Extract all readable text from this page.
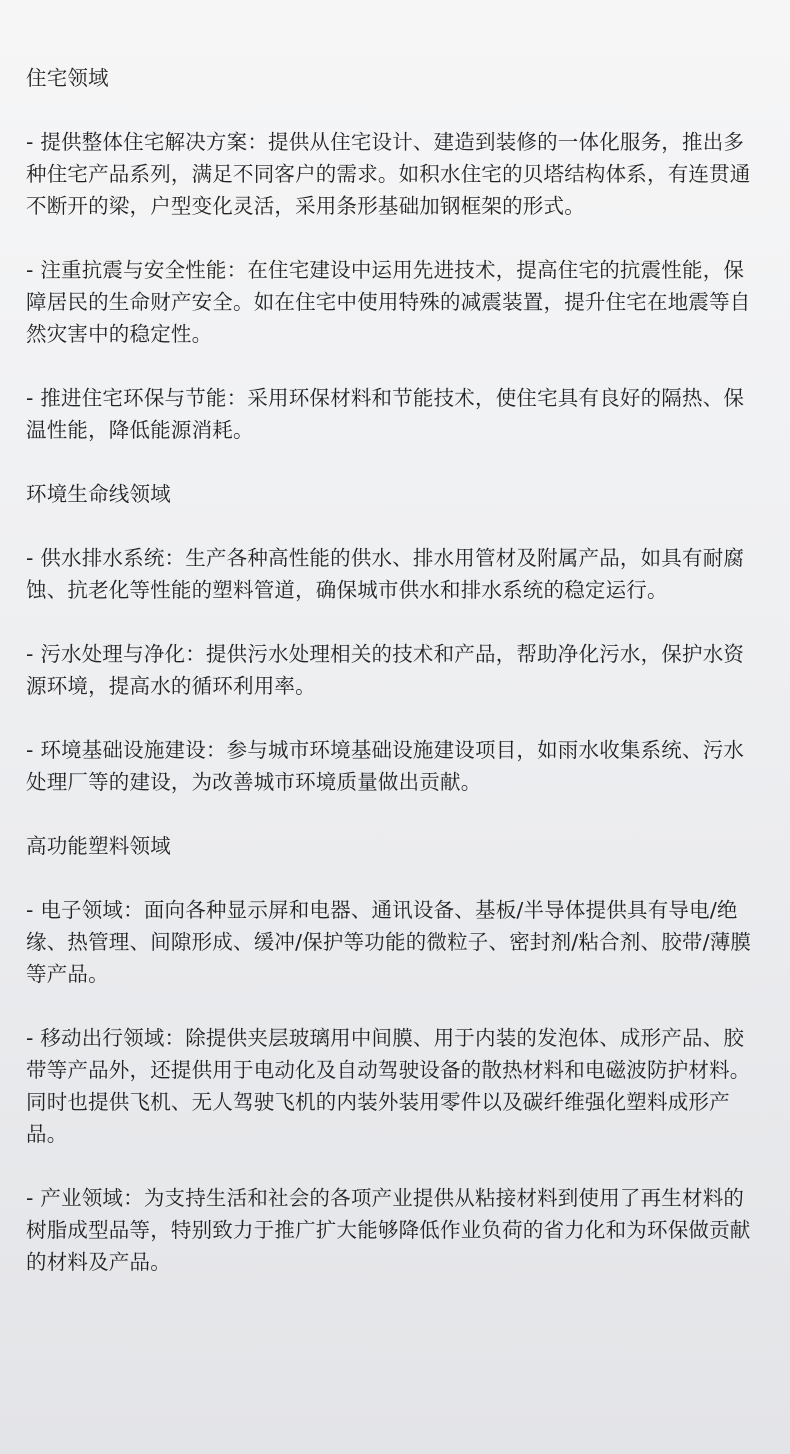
住宅领域

- 提供整体住宅解决方案：提供从住宅设计、建造到装修的一体化服务，推出多种住宅产品系列，满足不同客户的需求。如积水住宅的贝塔结构体系，有连贯通不断开的梁，户型变化灵活，采用条形基础加钢框架的形式。

- 注重抗震与安全性能：在住宅建设中运用先进技术，提高住宅的抗震性能，保障居民的生命财产安全。如在住宅中使用特殊的减震装置，提升住宅在地震等自然灾害中的稳定性。

- 推进住宅环保与节能：采用环保材料和节能技术，使住宅具有良好的隔热、保温性能，降低能源消耗。

环境生命线领域

- 供水排水系统：生产各种高性能的供水、排水用管材及附属产品，如具有耐腐蚀、抗老化等性能的塑料管道，确保城市供水和排水系统的稳定运行。

- 污水处理与净化：提供污水处理相关的技术和产品，帮助净化污水，保护水资源环境，提高水的循环利用率。

- 环境基础设施建设：参与城市环境基础设施建设项目，如雨水收集系统、污水处理厂等的建设，为改善城市环境质量做出贡献。

高功能塑料领域

- 电子领域：面向各种显示屏和电器、通讯设备、基板/半导体提供具有导电/绝缘、热管理、间隙形成、缓冲/保护等功能的微粒子、密封剂/粘合剂、胶带/薄膜等产品。

- 移动出行领域：除提供夹层玻璃用中间膜、用于内装的发泡体、成形产品、胶带等产品外，还提供用于电动化及自动驾驶设备的散热材料和电磁波防护材料。同时也提供飞机、无人驾驶飞机的内装外装用零件以及碳纤维强化塑料成形产品。

- 产业领域：为支持生活和社会的各项产业提供从粘接材料到使用了再生材料的树脂成型品等，特别致力于推广扩大能够降低作业负荷的省力化和为环保做贡献的材料及产品。
